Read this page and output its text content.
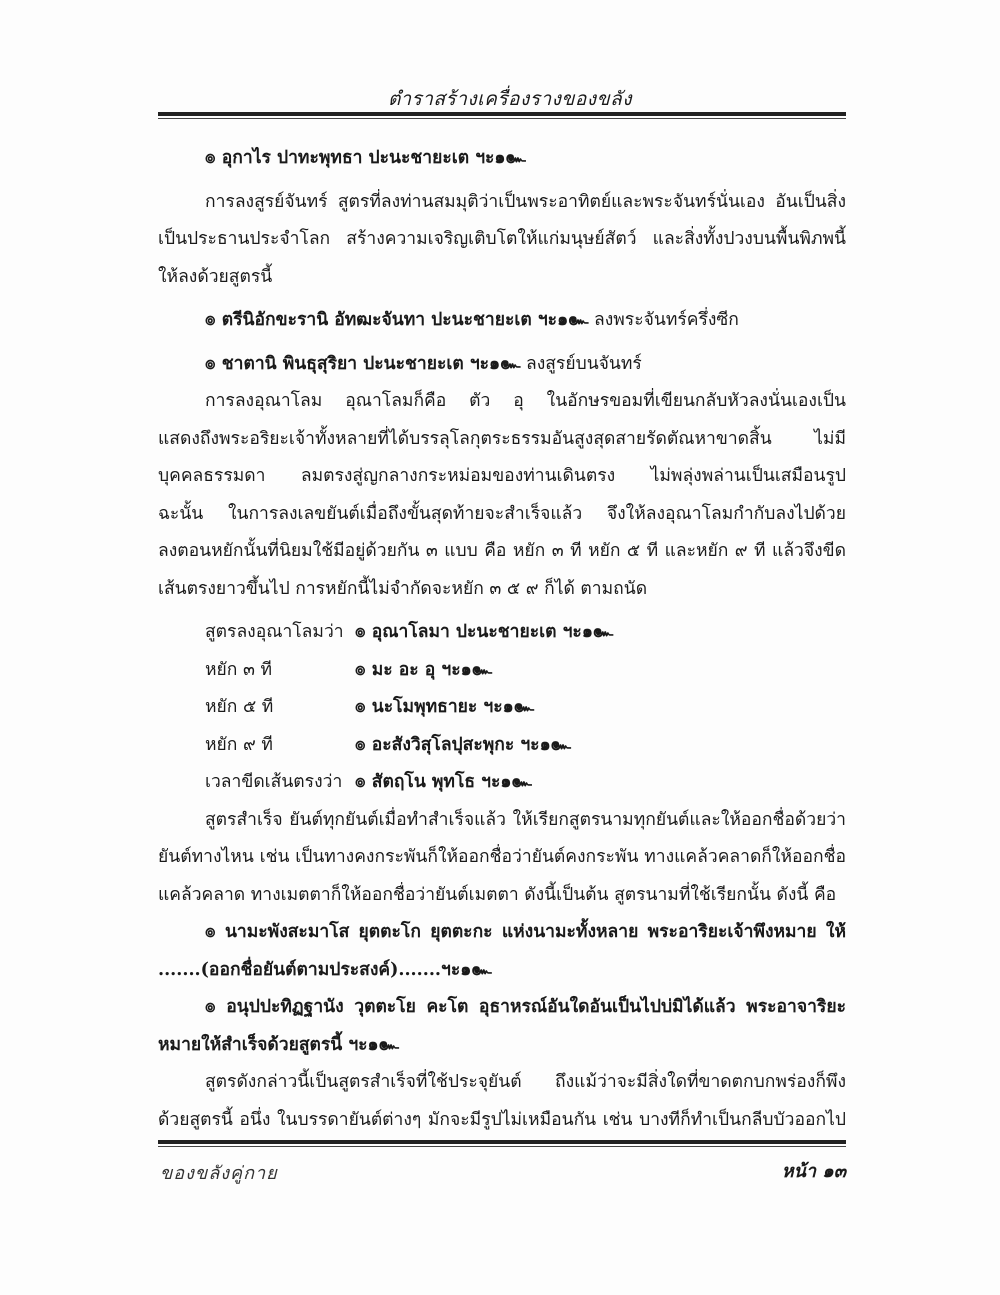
ตำราสร้างเครื่องรางของขลัง
๏ อุกาไร ปาทะพุทธา ปะนะชายะเต ฯะ๑๛
การลงสูรย์จันทร์ สูตรที่ลงท่านสมมุติว่าเป็นพระอาทิตย์และพระจันทร์นั่นเอง อันเป็นสิ่ง
เป็นประธานประจำโลก สร้างความเจริญเติบโตให้แก่มนุษย์สัตว์ และสิ่งทั้งปวงบนพื้นพิภพนี้
ให้ลงด้วยสูตรนี้
๏ ตรีนิอักขะรานิ อัทฒะจันทา ปะนะชายะเต ฯะ๑๛ ลงพระจันทร์ครึ่งซีก
๏ ชาตานิ พินธุสุริยา ปะนะชายะเต ฯะ๑๛ ลงสูรย์บนจันทร์
การลงอุณาโลม อุณาโลมก็คือ ตัว อุ ในอักษรขอมที่เขียนกลับหัวลงนั่นเองเป็น
แสดงถึงพระอริยะเจ้าทั้งหลายที่ได้บรรลุโลกุตระธรรมอันสูงสุดสายรัดตัณหาขาดสิ้น ไม่มี
บุคคลธรรมดา ลมตรงสู่ญกลางกระหม่อมของท่านเดินตรง ไม่พลุ่งพล่านเป็นเสมือนรูป
ฉะนั้น ในการลงเลขยันต์เมื่อถึงขั้นสุดท้ายจะสำเร็จแล้ว จึงให้ลงอุณาโลมกำกับลงไปด้วย
ลงตอนหยักนั้นที่นิยมใช้มีอยู่ด้วยกัน ๓ แบบ คือ หยัก ๓ ที หยัก ๕ ที และหยัก ๙ ที แล้วจึงขีด
เส้นตรงยาวขึ้นไป การหยักนี้ไม่จำกัดจะหยัก ๓ ๕ ๙ ก็ได้ ตามถนัด
สูตรลงอุณาโลมว่า ๏ อุณาโลมา ปะนะชายะเต ฯะ๑๛
หยัก ๓ ที	๏ มะ อะ อุ ฯะ๑๛
หยัก ๕ ที	๏ นะโมพุทธายะ ฯะ๑๛
หยัก ๙ ที	๏ อะสังวิสุโลปุสะพุกะ ฯะ๑๛
เวลาขีดเส้นตรงว่า ๏ สัตฤโน พุทโธ ฯะ๑๛
สูตรสำเร็จ ยันต์ทุกยันต์เมื่อทำสำเร็จแล้ว ให้เรียกสูตรนามทุกยันต์และให้ออกชื่อด้วยว่า
ยันต์ทางไหน เช่น เป็นทางคงกระพันก็ให้ออกชื่อว่ายันต์คงกระพัน ทางแคล้วคลาดก็ให้ออกชื่อ
แคล้วคลาด ทางเมตตาก็ให้ออกชื่อว่ายันต์เมตตา ดังนี้เป็นต้น สูตรนามที่ใช้เรียกนั้น ดังนี้ คือ
๏ นามะพังสะมาโส ยุตตะโก ยุตตะกะ แห่งนามะทั้งหลาย พระอาริยะเจ้าพึงหมาย ให้
.......(ออกชื่อยันต์ตามประสงค์).......ฯะ๑๛
๏ อนุปปะทิฏฐานัง วุตตะโย คะโต อุธาหรณ์อันใดอันเป็นไปบ่มิได้แล้ว พระอาจาริยะ
หมายให้สำเร็จด้วยสูตรนี้ ฯะ๑๛
สูตรดังกล่าวนี้เป็นสูตรสำเร็จที่ใช้ประจุยันต์ ถึงแม้ว่าจะมีสิ่งใดที่ขาดตกบกพร่องก็พึง
ด้วยสูตรนี้ อนึ่ง ในบรรดายันต์ต่างๆ มักจะมีรูปไม่เหมือนกัน เช่น บางทีก็ทำเป็นกลีบบัวออกไป
ของขลังคู่กาย	หน้า ๑๓
